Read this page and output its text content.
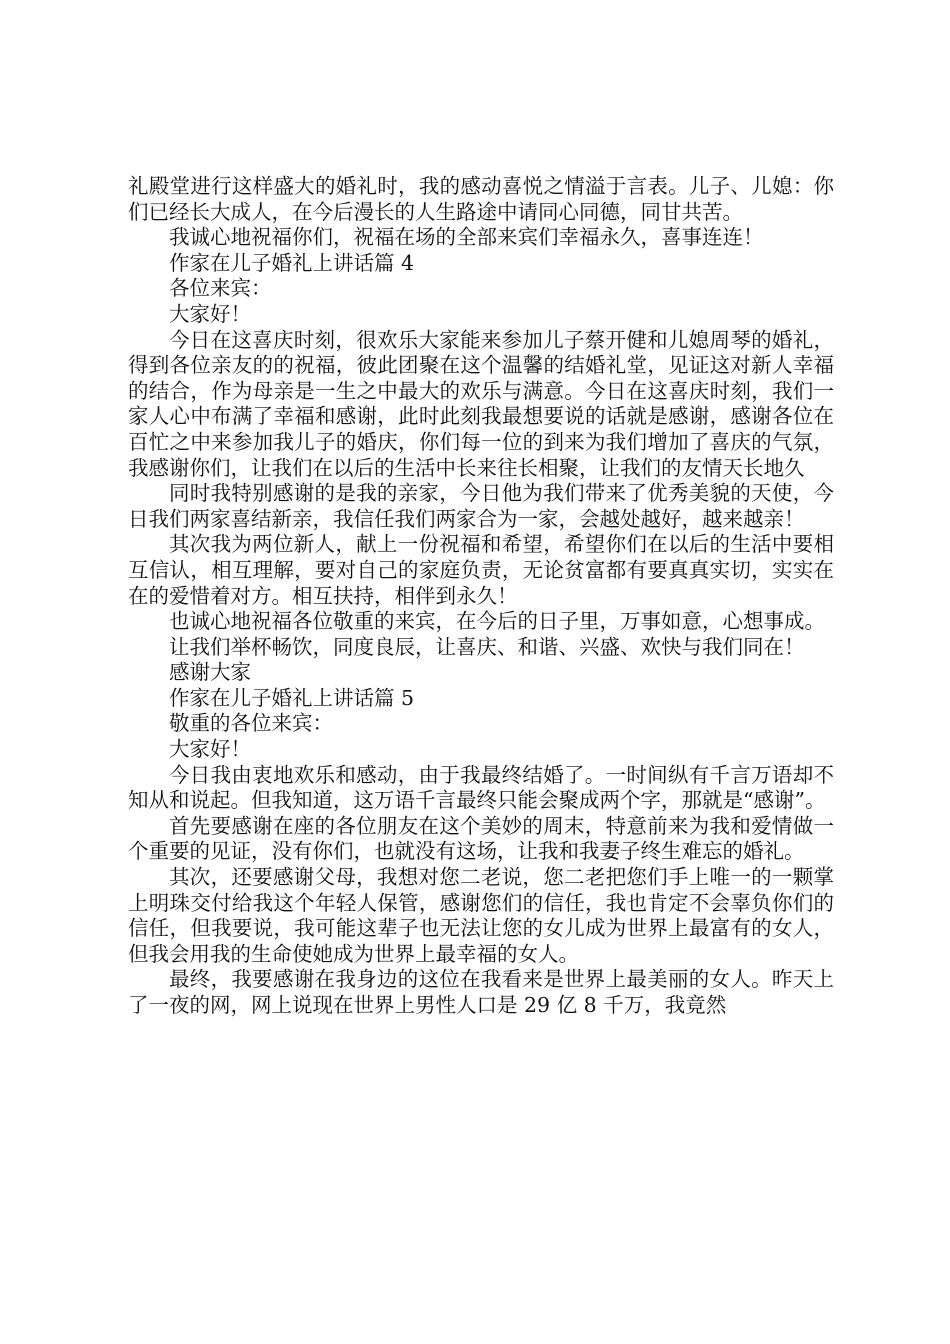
礼殿堂进行这样盛大的婚礼时，我的感动喜悦之情溢于言表。儿子、儿媳：你们已经长大成人，在今后漫长的人生路途中请同心同德，同甘共苦。

我诚心地祝福你们，祝福在场的全部来宾们幸福永久，喜事连连！

作家在儿子婚礼上讲话篇 4

各位来宾：

大家好！

今日在这喜庆时刻，很欢乐大家能来参加儿子蔡开健和儿媳周琴的婚礼，得到各位亲友的的祝福，彼此团聚在这个温馨的结婚礼堂，见证这对新人幸福的结合，作为母亲是一生之中最大的欢乐与满意。今日在这喜庆时刻，我们一家人心中布满了幸福和感谢，此时此刻我最想要说的话就是感谢，感谢各位在百忙之中来参加我儿子的婚庆，你们每一位的到来为我们增加了喜庆的气氛，我感谢你们，让我们在以后的生活中长来往长相聚，让我们的友情天长地久

同时我特别感谢的是我的亲家，今日他为我们带来了优秀美貌的天使，今日我们两家喜结新亲，我信任我们两家合为一家，会越处越好，越来越亲！

其次我为两位新人，献上一份祝福和希望，希望你们在以后的生活中要相互信认，相互理解，要对自己的家庭负责，无论贫富都有要真真实切，实实在在的爱惜着对方。相互扶持，相伴到永久！

也诚心地祝福各位敬重的来宾，在今后的日子里，万事如意，心想事成。

让我们举杯畅饮，同度良辰，让喜庆、和谐、兴盛、欢快与我们同在！

感谢大家

作家在儿子婚礼上讲话篇 5

敬重的各位来宾：

大家好！

今日我由衷地欢乐和感动，由于我最终结婚了。一时间纵有千言万语却不知从和说起。但我知道，这万语千言最终只能会聚成两个字，那就是“感谢”。

首先要感谢在座的各位朋友在这个美妙的周末，特意前来为我和爱情做一个重要的见证，没有你们，也就没有这场，让我和我妻子终生难忘的婚礼。

其次，还要感谢父母，我想对您二老说，您二老把您们手上唯一的一颗掌上明珠交付给我这个年轻人保管，感谢您们的信任，我也肯定不会辜负你们的信任，但我要说，我可能这辈子也无法让您的女儿成为世界上最富有的女人，但我会用我的生命使她成为世界上最幸福的女人。

最终，我要感谢在我身边的这位在我看来是世界上最美丽的女人。昨天上了一夜的网，网上说现在世界上男性人口是 29 亿 8 千万，我竟然
